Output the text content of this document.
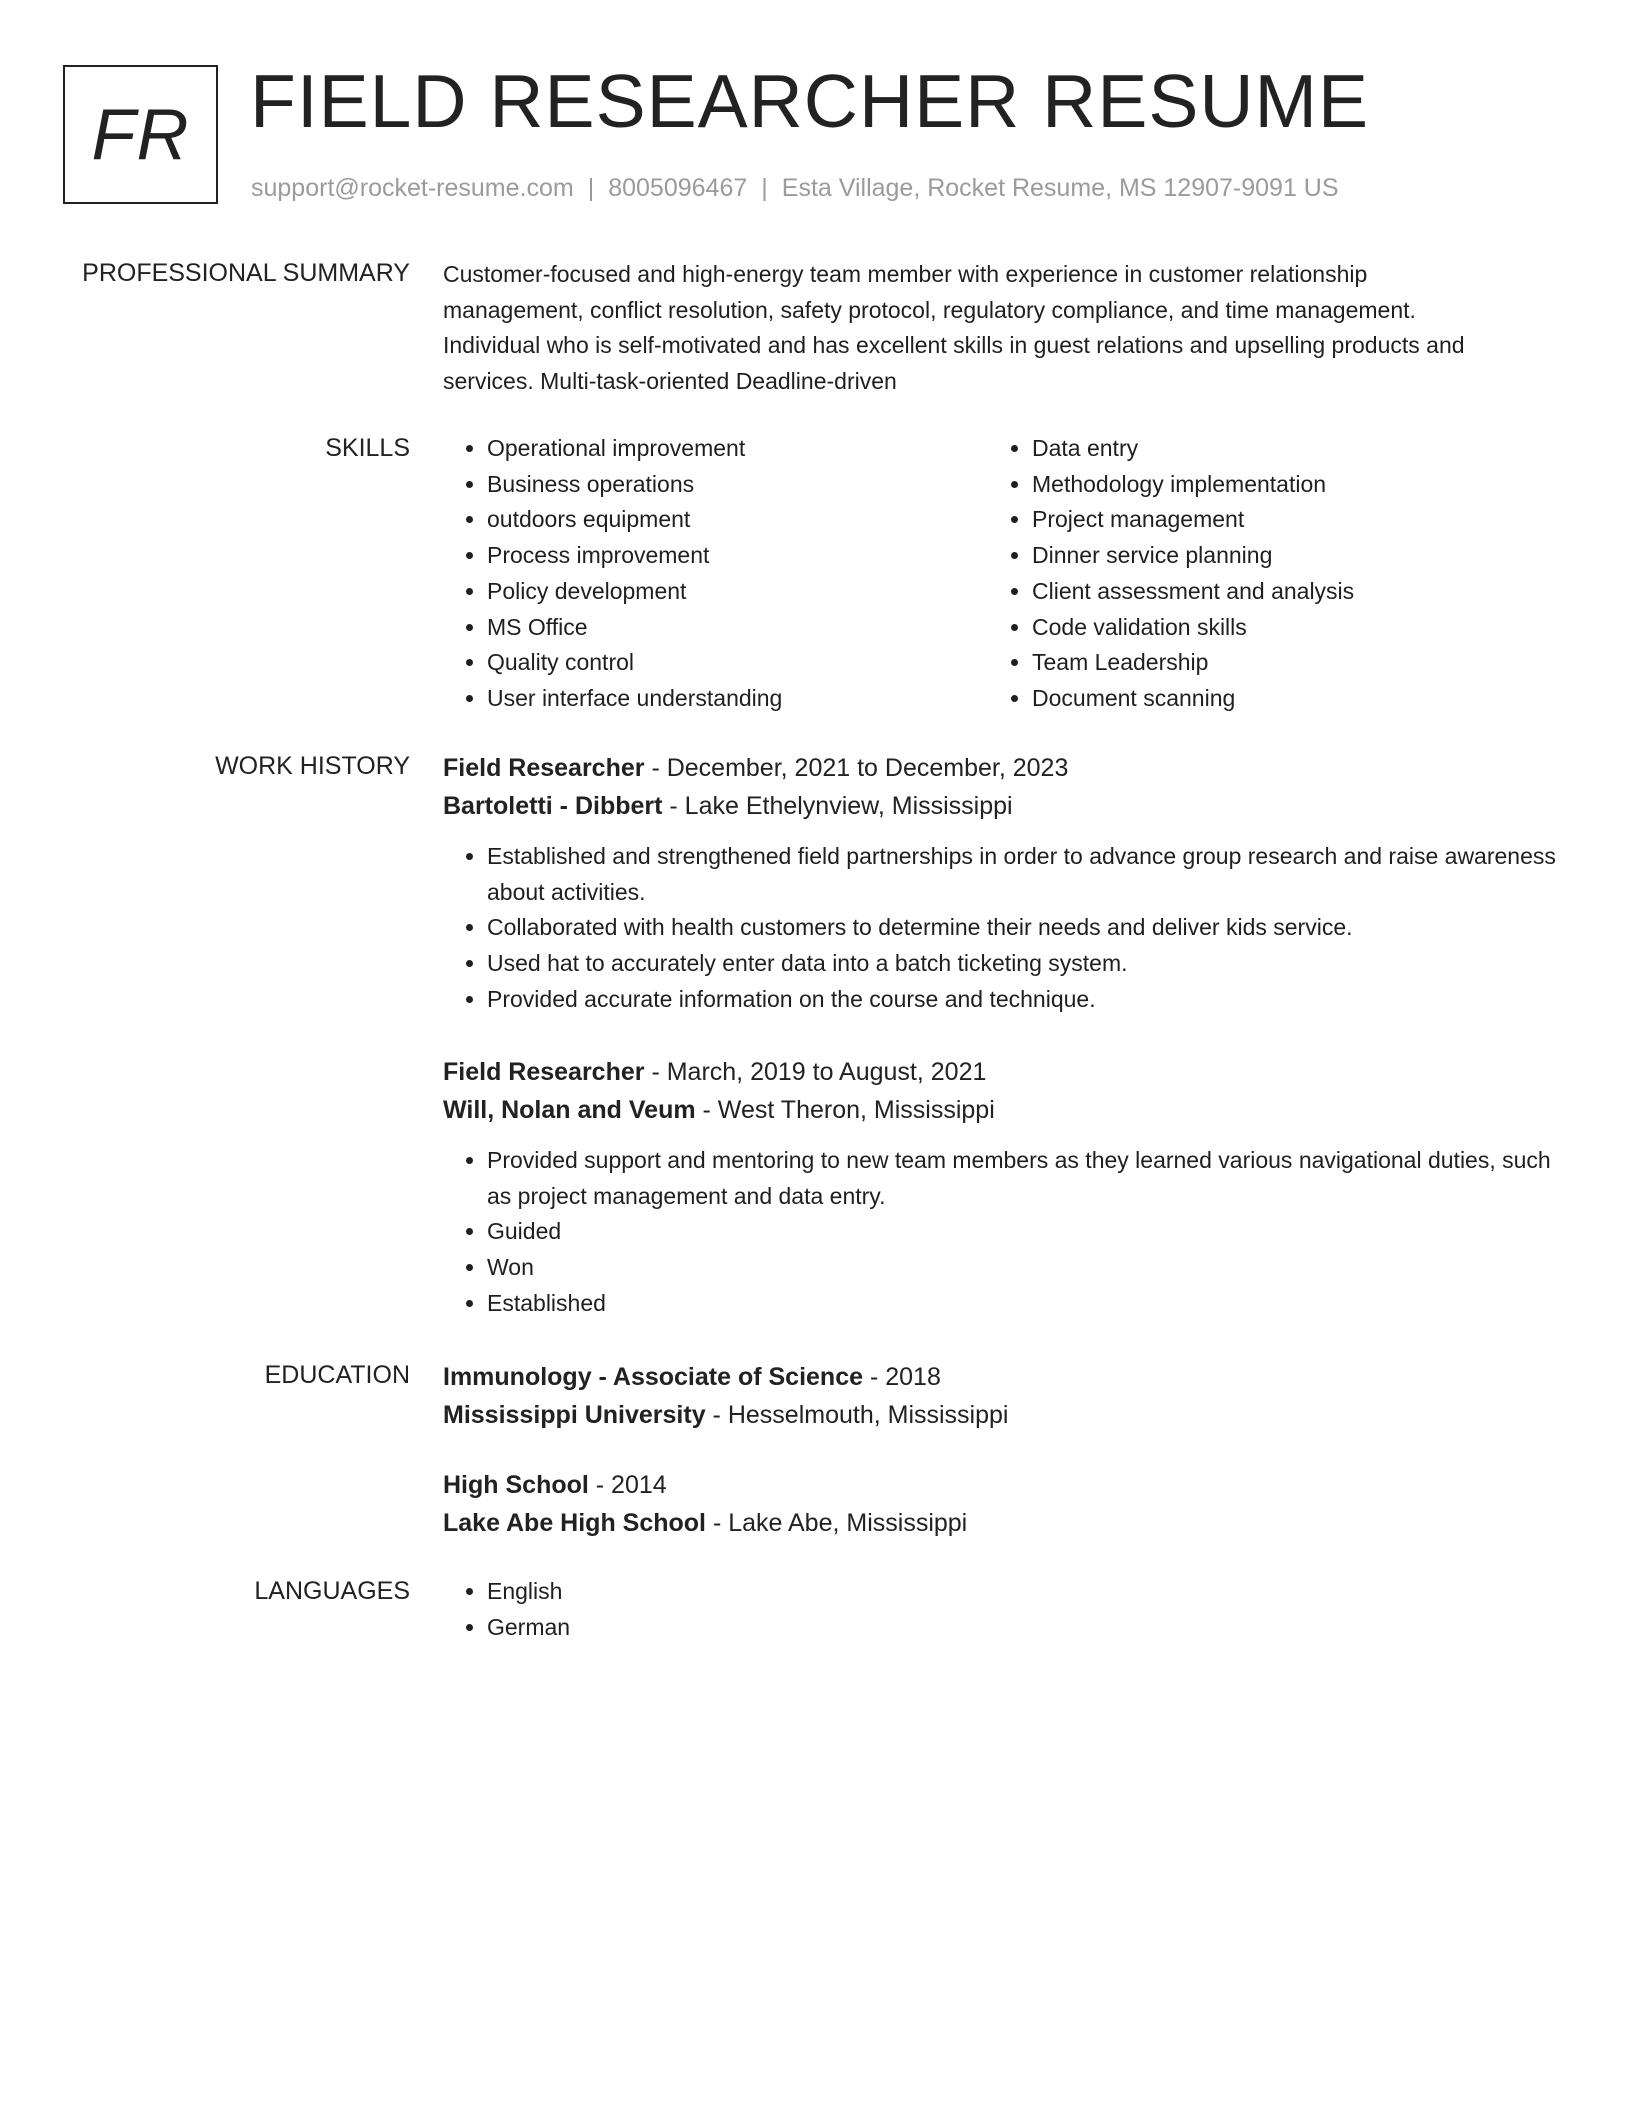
FR FIELD RESEARCHER RESUME
support@rocket-resume.com | 8005096467 | Esta Village, Rocket Resume, MS 12907-9091 US
PROFESSIONAL SUMMARY Customer-focused and high-energy team member with experience in customer relationship
management, conflict resolution, safety protocol, regulatory compliance, and time management.
Individual who is self-motivated and has excellent skills in guest relations and upselling products and
services. Multi-task-oriented Deadline-driven

SKILLS	• Operational improvement
• Business operations
• outdoors equipment
• Process improvement
• Policy development
• MS Office
• Quality control
• User interface understanding
• Data entry
• Methodology implementation
• Project management
• Dinner service planning
• Client assessment and analysis
• Code validation skills
• Team Leadership
• Document scanning
WORK HISTORY Field Researcher - December, 2021 to December, 2023
Bartoletti - Dibbert - Lake Ethelynview, Mississippi
• Established and strengthened field partnerships in order to advance group research and raise awareness about activities.
• Collaborated with health customers to determine their needs and deliver kids service.
• Used hat to accurately enter data into a batch ticketing system.
• Provided accurate information on the course and technique.
Field Researcher - March, 2019 to August, 2021
Will, Nolan and Veum - West Theron, Mississippi
• Provided support and mentoring to new team members as they learned various navigational duties, such as project management and data entry.
• Guided
• Won
• Established
EDUCATION Immunology - Associate of Science - 2018
Mississippi University - Hesselmouth, Mississippi
High School - 2014
Lake Abe High School - Lake Abe, Mississippi
LANGUAGES	• English
• German
